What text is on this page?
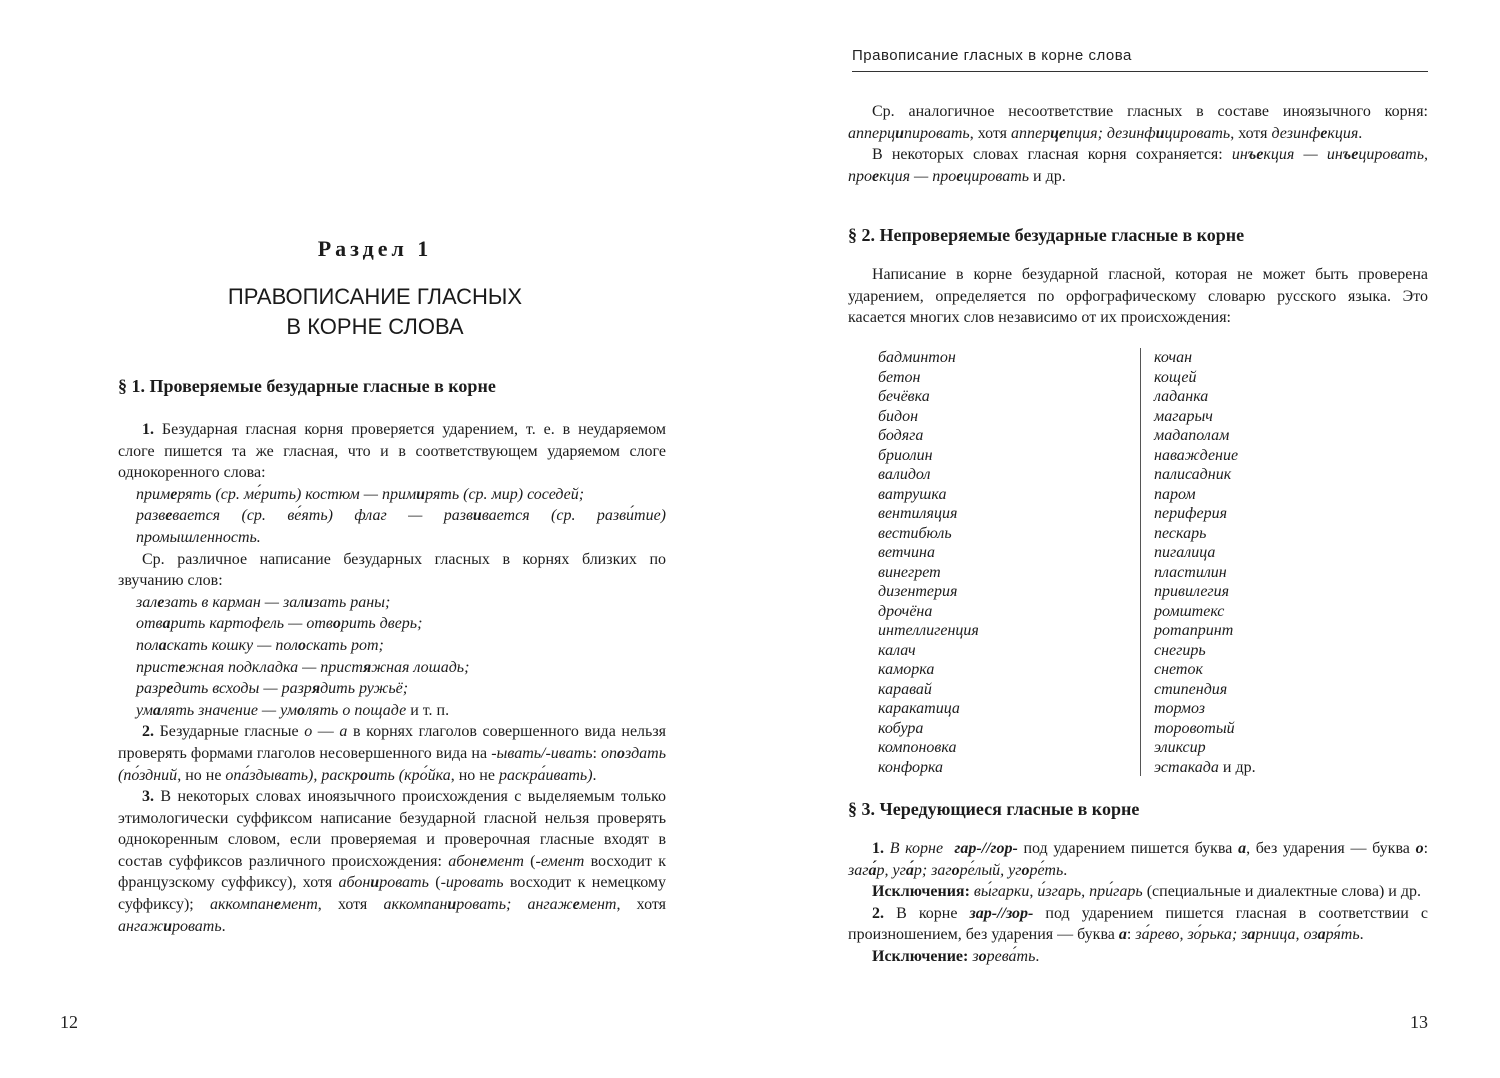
Раздел 1
ПРАВОПИСАНИЕ ГЛАСНЫХ
В КОРНЕ СЛОВА
§ 1. Проверяемые безударные гласные в корне
1. Безударная гласная корня проверяется ударением, т. е. в неударяемом слоге пишется та же гласная, что и в соответствующем ударяемом слоге однокоренного слова:
примерять (ср. ме́рить) костюм — примирять (ср. мир) соседей;
развевается (ср. ве́ять) флаг — развивается (ср. разви́тие) промышленность.
Ср. различное написание безударных гласных в корнях близких по звучанию слов:
залезать в карман — зализать раны;
отварить картофель — отворить дверь;
поласкать кошку — полоскать рот;
пристежная подкладка — пристяжная лошадь;
разредить всходы — разрядить ружьё;
умалять значение — умолять о пощаде и т. п.
2. Безударные гласные о — а в корнях глаголов совершенного вида нельзя проверять формами глаголов несовершенного вида на -ывать/-ивать: опоздать (по́здний, но не опа́здывать), раскроить (кро́йка, но не раскра́ивать).
3. В некоторых словах иноязычного происхождения с выделяемым только этимологически суффиксом написание безударной гласной нельзя проверять однокоренным словом, если проверяемая и проверочная гласные входят в состав суффиксов различного происхождения: абонемент (-емент восходит к французскому суффиксу), хотя абонировать (-ировать восходит к немецкому суффиксу); аккомпанемент, хотя аккомпанировать; ангажемент, хотя ангажировать.
12
Правописание гласных в корне слова
Ср. аналогичное несоответствие гласных в составе иноязычного корня: апперципировать, хотя апперцепция; дезинфицировать, хотя дезинфекция.
В некоторых словах гласная корня сохраняется: инъекция — инъецировать, проекция — проецировать и др.
§ 2. Непроверяемые безударные гласные в корне
Написание в корне безударной гласной, которая не может быть проверена ударением, определяется по орфографическому словарю русского языка. Это касается многих слов независимо от их происхождения:
бадминтон
бетон
бечёвка
бидон
бодяга
бриолин
валидол
ватрушка
вентиляция
вестибюль
ветчина
винегрет
дизентерия
дрочёна
интеллигенция
калач
каморка
каравай
каракатица
кобура
компоновка
конфорка
кочан
кощей
ладанка
магарыч
мадаполам
наваждение
палисадник
паром
периферия
пескарь
пигалица
пластилин
привилегия
ромштекс
ротапринт
снегирь
снеток
стипендия
тормоз
торовотый
эликсир
эстакада и др.
§ 3. Чередующиеся гласные в корне
1. В корне гар-//гор- под ударением пишется буква а, без ударения — буква о: зага́р, уга́р; загоре́лый, угоре́ть.
Исключения: вы́гарки, и́згарь, при́гарь (специальные и диалектные слова) и др.
2. В корне зар-//зор- под ударением пишется гласная в соответствии с произношением, без ударения — буква а: за́рево, зо́рька; зарница, озаря́ть.
Исключение: зорева́ть.
13
